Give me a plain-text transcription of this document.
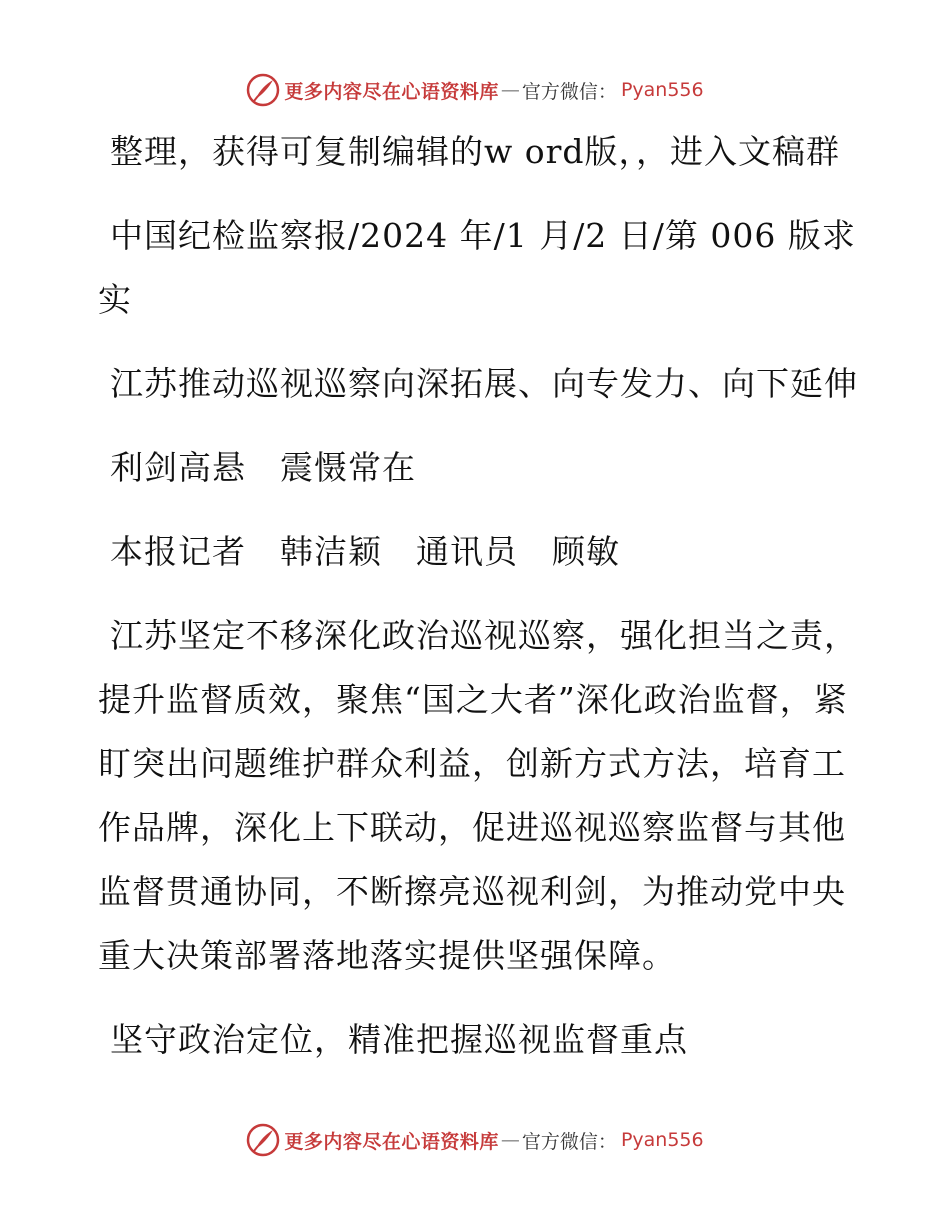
更多内容尽在心语资料库 — 官方微信： Pyan556

整理，获得可复制编辑的w ord版，，进入文稿群

中国纪检监察报/2024 年/1 月/2 日/第 006 版求实

江苏推动巡视巡察向深拓展、向专发力、向下延伸

利剑高悬　震慑常在

本报记者　韩洁颖　通讯员　顾敏

江苏坚定不移深化政治巡视巡察，强化担当之责，提升监督质效，聚焦“国之大者”深化政治监督，紧盯突出问题维护群众利益，创新方式方法，培育工作品牌，深化上下联动，促进巡视巡察监督与其他监督贯通协同，不断擦亮巡视利剑，为推动党中央重大决策部署落地落实提供坚强保障。

坚守政治定位，精准把握巡视监督重点

更多内容尽在心语资料库 — 官方微信： Pyan556
